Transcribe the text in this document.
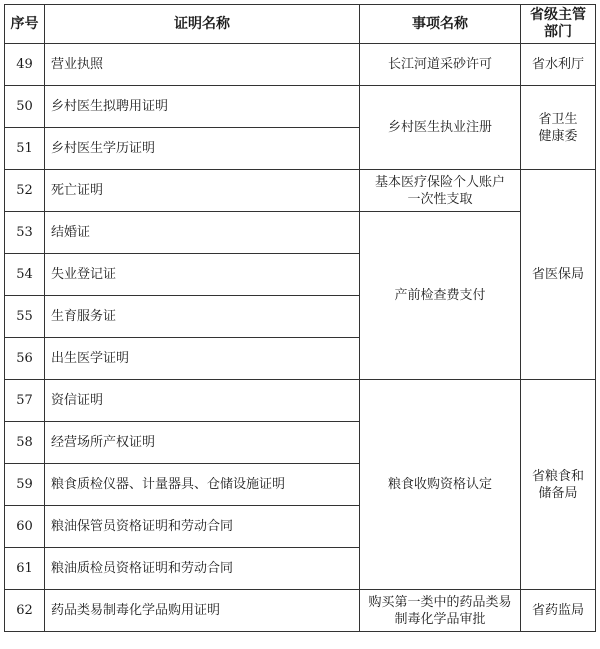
序号	证明名称	事项名称	省级主管
部门

49	营业执照	长江河道采砂许可	省水利厅
50	乡村医生拟聘用证明	乡村医生执业注册	省卫生
健康委

51	乡村医生学历证明		
52	死亡证明	基本医疗保险个人账户
一次性支取	省医保局
53	结婚证	产前检查费支付	
54	失业登记证		
55	生育服务证		
56	出生医学证明		
57	资信证明	粮食收购资格认定	省粮食和
储备局

58	经营场所产权证明		
59	粮食质检仪器、计量器具、仓储设施证明		
60	粮油保管员资格证明和劳动合同		
61	粮油质检员资格证明和劳动合同		
62	药品类易制毒化学品购用证明	购买第一类中的药品类易
制毒化学品审批	省药监局
